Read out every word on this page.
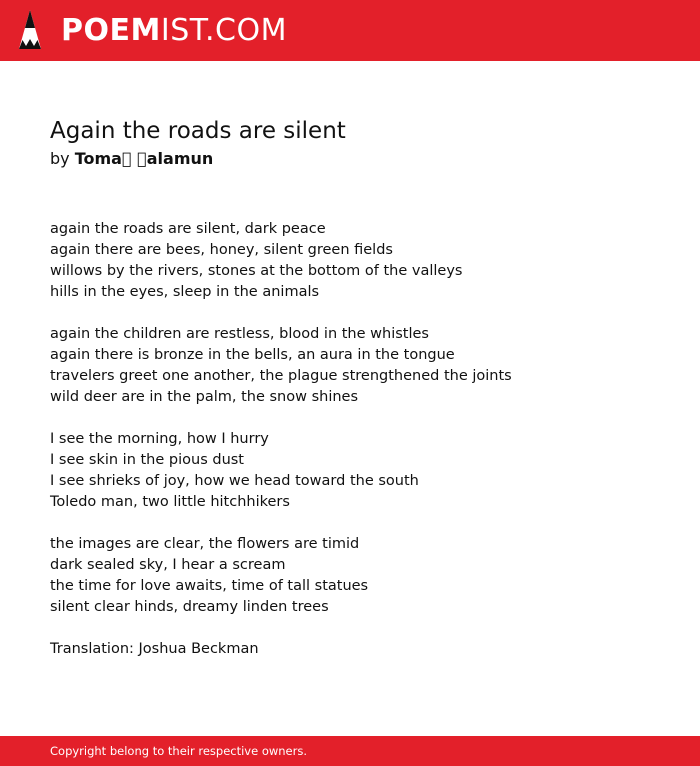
POEMIST.COM
Again the roads are silent
by Toma   alamun
again the roads are silent, dark peace
again there are bees, honey, silent green fields
willows by the rivers, stones at the bottom of the valleys
hills in the eyes, sleep in the animals
again the children are restless, blood in the whistles
again there is bronze in the bells, an aura in the tongue
travelers greet one another, the plague strengthened the joints
wild deer are in the palm, the snow shines
I see the morning, how I hurry
I see skin in the pious dust
I see shrieks of joy, how we head toward the south
Toledo man, two little hitchhikers
the images are clear, the flowers are timid
dark sealed sky, I hear a scream
the time for love awaits, time of tall statues
silent clear hinds, dreamy linden trees
Translation: Joshua Beckman
Copyright belong to their respective owners.
